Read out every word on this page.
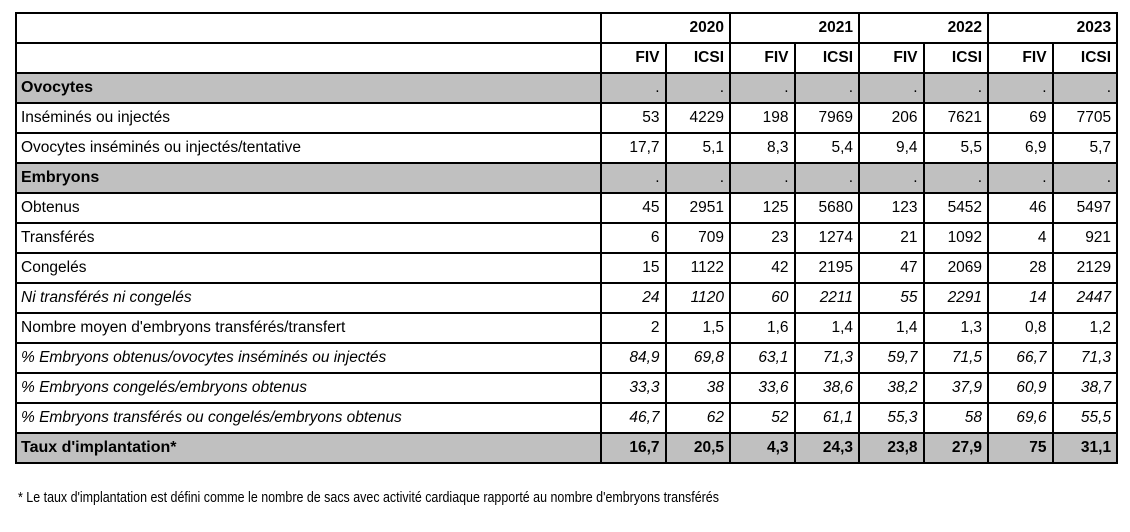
	2020		2021		2022		2023	
	FIV	ICSI	FIV	ICSI	FIV	ICSI	FIV	ICSI
Ovocytes	.	.	.	.	.	.	.	.
Inséminés ou injectés	53	4229	198	7969	206	7621	69	7705
Ovocytes inséminés ou injectés/tentative	17,7	5,1	8,3	5,4	9,4	5,5	6,9	5,7
Embryons	.	.	.	.	.	.	.	.
Obtenus	45	2951	125	5680	123	5452	46	5497
Transférés	6	709	23	1274	21	1092	4	921
Congelés	15	1122	42	2195	47	2069	28	2129
Ni transférés ni congelés	24	1120	60	2211	55	2291	14	2447
Nombre moyen d'embryons transférés/transfert	2	1,5	1,6	1,4	1,4	1,3	0,8	1,2
% Embryons obtenus/ovocytes inséminés ou injectés	84,9	69,8	63,1	71,3	59,7	71,5	66,7	71,3
% Embryons congelés/embryons obtenus	33,3	38	33,6	38,6	38,2	37,9	60,9	38,7
% Embryons transférés ou congelés/embryons obtenus	46,7	62	52	61,1	55,3	58	69,6	55,5
Taux d'implantation*	16,7	20,5	4,3	24,3	23,8	27,9	75	31,1
* Le taux d'implantation est défini comme le nombre de sacs avec activité cardiaque rapporté au nombre d'embryons transférés
